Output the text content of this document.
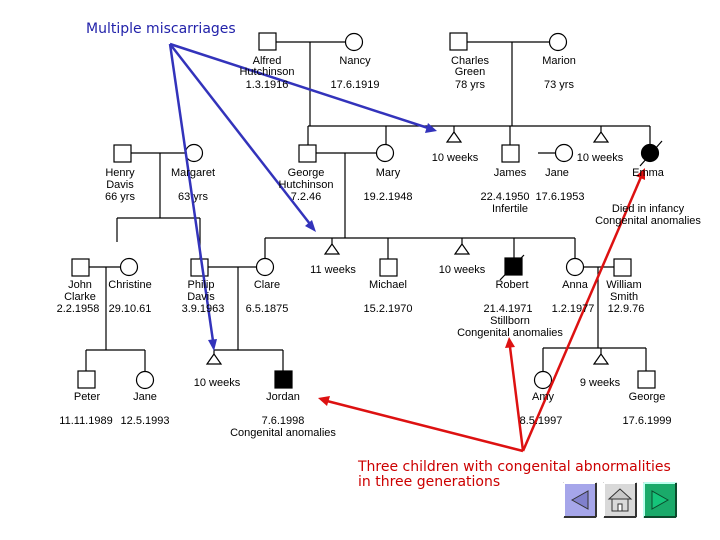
Multiple miscarriages
Three children with congenital abnormalities
in three generations
Alfred
Hutchinson
1.3.1916
Nancy
17.6.1919
Charles
Green
78 yrs
Marion
73 yrs
Henry
Davis
66 yrs
Margaret
63 yrs
George
Hutchinson
7.2.46
Mary
19.2.1948
10 weeks
James
22.4.1950
Infertile
Jane
17.6.1953
10 weeks
Emma
Died in infancy
Congenital anomalies
John
Clarke
2.2.1958
Christine
29.10.61
Philip
Davis
3.9.1963
Clare
6.5.1875
11 weeks
Michael
15.2.1970
10 weeks
Robert
21.4.1971
Stillborn
Congenital anomalies
Anna
1.2.1977
William
Smith
12.9.76
Peter
11.11.1989
Jane
12.5.1993
10 weeks
Jordan
7.6.1998
Congenital anomalies
Amy
8.5.1997
9 weeks
George
17.6.1999
